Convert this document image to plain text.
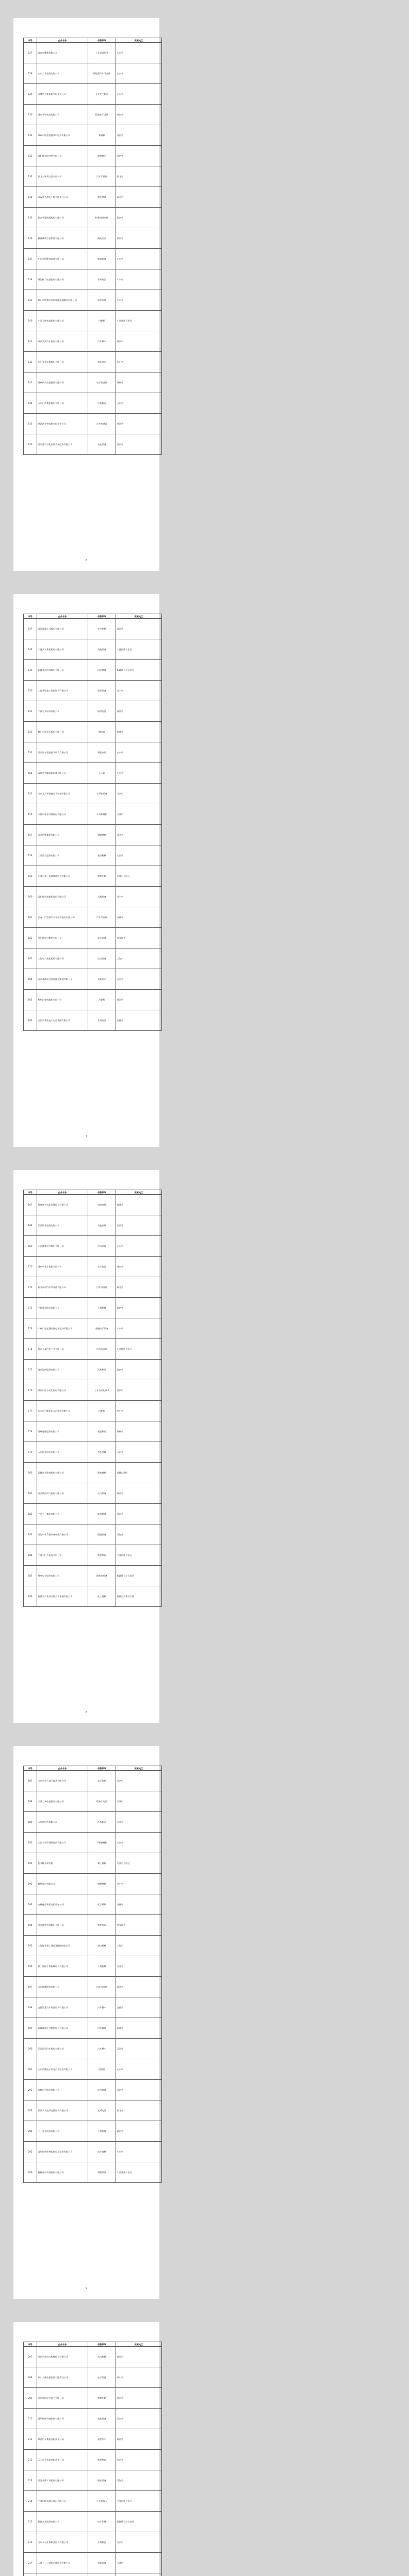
序号	企业名称	创新领域	所属地区
127	青岛市雕塑有限公司	工业设计服务	山东省
128	山东大业股份有限公司	新能源汽车零部件	山东省
129	淄博市火炬能源有限责任公司	专业化工制造	山东省
130	河南平原光电有限公司	精密光学元件	河南省
131	郑州中原思蓝德高科股份有限公司	新材料	河南省
132	洛阳轴承研究所有限公司	精密轴承	河南省
133	湖北三环离合器有限公司	汽车零部件	湖北省
134	武汉华工激光工程有限责任公司	激光装备	湖北省
135	湖南华菱线缆股份有限公司	特种电线电缆	湖南省
136	株洲硬质合金集团有限公司	硬质合金	湖南省
137	广东美的暖通设备有限公司	暖通设备	广东省
138	珠海格力电器股份有限公司	家用电器	广东省
139	佛山市顺德区美的洗涤电器制造有限公司	家用电器	广东省
140	广西玉柴机器股份有限公司	内燃机	广西壮族自治区
141	重庆长安汽车股份有限公司	汽车整车	重庆市
142	四川长虹电器股份有限公司	智能家电	四川省
143	贵州航天电器股份有限公司	电子元器件	贵州省
144	云南白药集团股份有限公司	中药制造	云南省
145	陕西法士特齿轮有限责任公司	汽车变速器	陕西省
146	甘肃蓝科石化高新装备股份有限公司	石化装备	甘肃省
6
序号	企业名称	创新领域	所属地区
147	青海盐湖工业股份有限公司	化学原料	青海省
148	宁夏共享集团股份有限公司	铸造装备	宁夏回族自治区
149	新疆金风科技股份有限公司	风电装备	新疆维吾尔自治区
150	大连华锐重工集团股份有限公司	重型装备	辽宁省
151	宁波方太厨具有限公司	厨房电器	浙江省
152	厦门宏发电声股份有限公司	继电器	福建省
153	青岛海尔智能技术研发有限公司	智能家居	山东省
154	深圳市大疆创新科技有限公司	无人机	广东省
155	北京北方华创微电子装备有限公司	半导体装备	北京市
156	天津中环半导体股份有限公司	半导体材料	天津市
157	河北钢铁集团有限公司	钢铁材料	河北省
158	太原重工股份有限公司	重型机械	山西省
159	内蒙古第一机械集团股份有限公司	特种车辆	内蒙古自治区
160	沈阳鼓风机集团股份有限公司	风机装备	辽宁省
161	长春一汽富维汽车零部件股份有限公司	汽车零部件	吉林省
162	哈尔滨电气集团有限公司	发电设备	黑龙江省
163	上海电气集团股份有限公司	电力装备	上海市
164	南京高精传动设备制造集团有限公司	齿轮传动	江苏省
165	杭州汽轮机股份有限公司	汽轮机	浙江省
166	合肥荣事达电子电器集团有限公司	家用电器	安徽省
7
序号	企业名称	创新领域	所属地区
167	福建南平太阳电缆股份有限公司	电线电缆	福建省
168	江西铜业股份有限公司	有色金属	江西省
169	山东潍柴动力股份有限公司	动力总成	山东省
170	河南中光学集团有限公司	光学仪器	河南省
171	湖北东风汽车零部件有限公司	汽车零部件	湖北省
172	中联重科股份有限公司	工程机械	湖南省
173	广州广电运通金融电子股份有限公司	金融电子设备	广东省
174	柳州五菱汽车工业有限公司	汽车零部件	广西壮族自治区
175	海南海药股份有限公司	医药制造	海南省
176	重庆川仪自动化股份有限公司	工业自动化仪表	重庆市
177	东方电气集团东方汽轮机有限公司	汽轮机	四川省
178	贵州轮胎股份有限公司	轮胎制造	贵州省
179	云南铜业股份有限公司	有色金属	云南省
180	西藏高争建材股份有限公司	建筑材料	西藏自治区
181	西安陕鼓动力股份有限公司	动力装备	陕西省
182	兰州兰石集团有限公司	能源装备	甘肃省
183	青海中钛青锻装备制造有限公司	锻造装备	青海省
184	宁夏小巨人机床有限公司	数控机床	宁夏回族自治区
185	特变电工股份有限公司	输变电装备	新疆维吾尔自治区
186	新疆生产建设兵团天业集团有限公司	化工材料	新疆生产建设兵团
8
序号	企业名称	创新领域	所属地区
187	北京京东方显示技术有限公司	显示面板	北京市
188	天津力神电池股份有限公司	锂离子电池	天津市
189	石家庄四药有限公司	医药制造	河北省
190	山西太钢不锈钢股份有限公司	不锈钢材料	山西省
191	包头稀土研究院	稀土材料	内蒙古自治区
192	鞍钢股份有限公司	钢铁材料	辽宁省
193	吉林化纤集团有限责任公司	化学纤维	吉林省
194	齐重数控装备股份有限公司	数控机床	黑龙江省
195	上海振华重工(集团)股份有限公司	港口机械	上海市
196	徐工集团工程机械股份有限公司	工程机械	江苏省
197	万向钱潮股份有限公司	汽车零部件	浙江省
198	安徽江淮汽车集团股份有限公司	汽车整车	安徽省
199	福耀玻璃工业集团股份有限公司	汽车玻璃	福建省
200	江西江铃汽车股份有限公司	汽车整车	江西省
201	山东浪潮电子信息产业股份有限公司	服务器	山东省
202	许继电气股份有限公司	电力装备	河南省
203	武汉长飞光纤光缆股份有限公司	光纤光缆	湖北省
204	三一重工股份有限公司	工程机械	湖南省
205	深圳迈瑞生物医疗电子股份有限公司	医疗器械	广东省
206	桂林星辰科技股份有限公司	伺服系统	广西壮族自治区
9
序号	企业名称	创新领域	所属地区
207	重庆宗申动力机械股份有限公司	动力机械	重庆市
208	四川九洲电器集团有限责任公司	电子信息	四川省
209	贵州詹阳动力重工有限公司	特种车辆	贵州省
210	昆明船舶设备集团有限公司	物流装备	云南省
211	陕西汽车集团有限责任公司	重型汽车	陕西省
212	天水星火机床有限责任公司	数控机床	甘肃省
213	青海华鼎实业股份有限公司	机床装备	青海省
214	宁夏巨能机器人股份有限公司	工业机器人	宁夏回族自治区
215	新疆众和股份有限公司	电子铝材	新疆维吾尔自治区
216	北京天坛生物制品股份有限公司	生物制品	北京市
217	天津七一二通信广播股份有限公司	通信设备	天津市
